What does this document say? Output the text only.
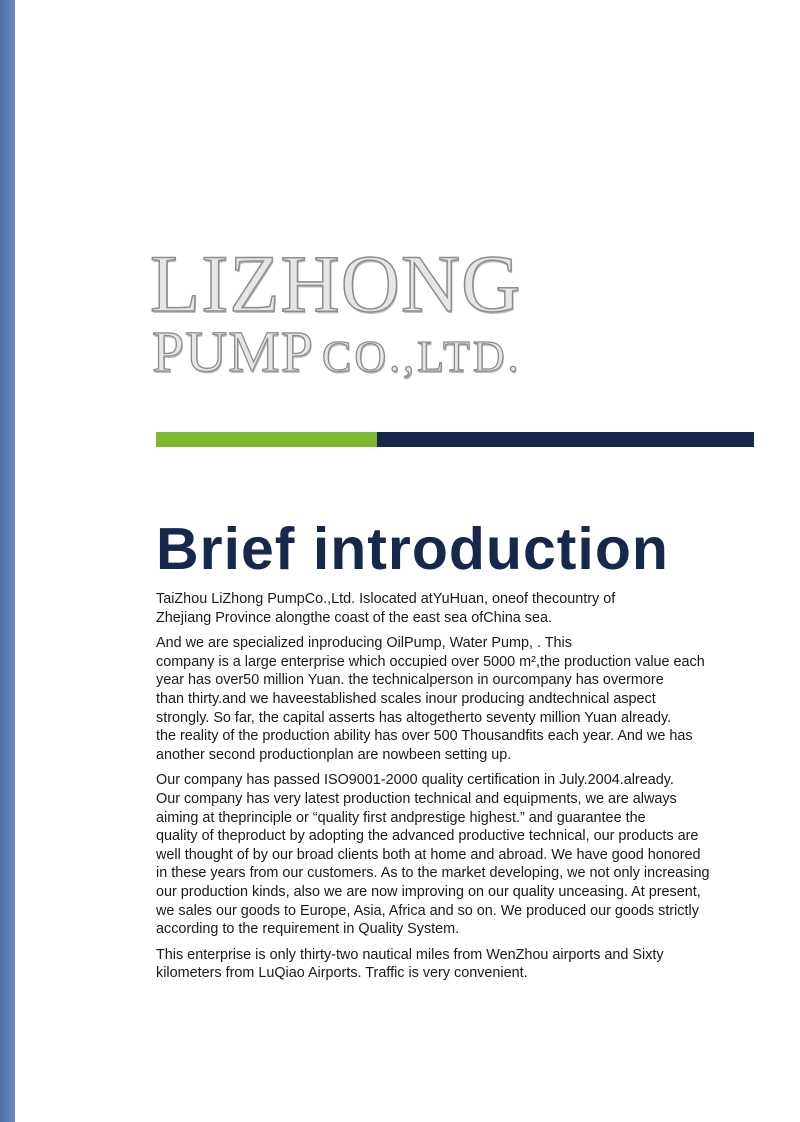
LIZHONG
PUMP CO.,LTD.
Brief introduction

TaiZhou LiZhong PumpCo.,Ltd. Islocated atYuHuan, oneof thecountry of
Zhejiang Province alongthe coast of the east sea ofChina sea.

And we are specialized inproducing OilPump, Water Pump, . This
company is a large enterprise which occupied over 5000 m²,the production value each
year has over50 million Yuan. the technicalperson in ourcompany has overmore
than thirty.and we haveestablished scales inour producing andtechnical aspect
strongly. So far, the capital asserts has altogetherto seventy million Yuan already.
the reality of the production ability has over 500 Thousandfits each year. And we has
another second productionplan are nowbeen setting up.

Our company has passed ISO9001-2000 quality certification in July.2004.already.
Our company has very latest production technical and equipments, we are always
aiming at theprinciple or “quality first andprestige highest.” and guarantee the
quality of theproduct by adopting the advanced productive technical, our products are
well thought of by our broad clients both at home and abroad. We have good honored
in these years from our customers. As to the market developing, we not only increasing
our production kinds, also we are now improving on our quality unceasing. At present,
we sales our goods to Europe, Asia, Africa and so on. We produced our goods strictly
according to the requirement in Quality System.

This enterprise is only thirty-two nautical miles from WenZhou airports and Sixty
kilometers from LuQiao Airports. Traffic is very convenient.
